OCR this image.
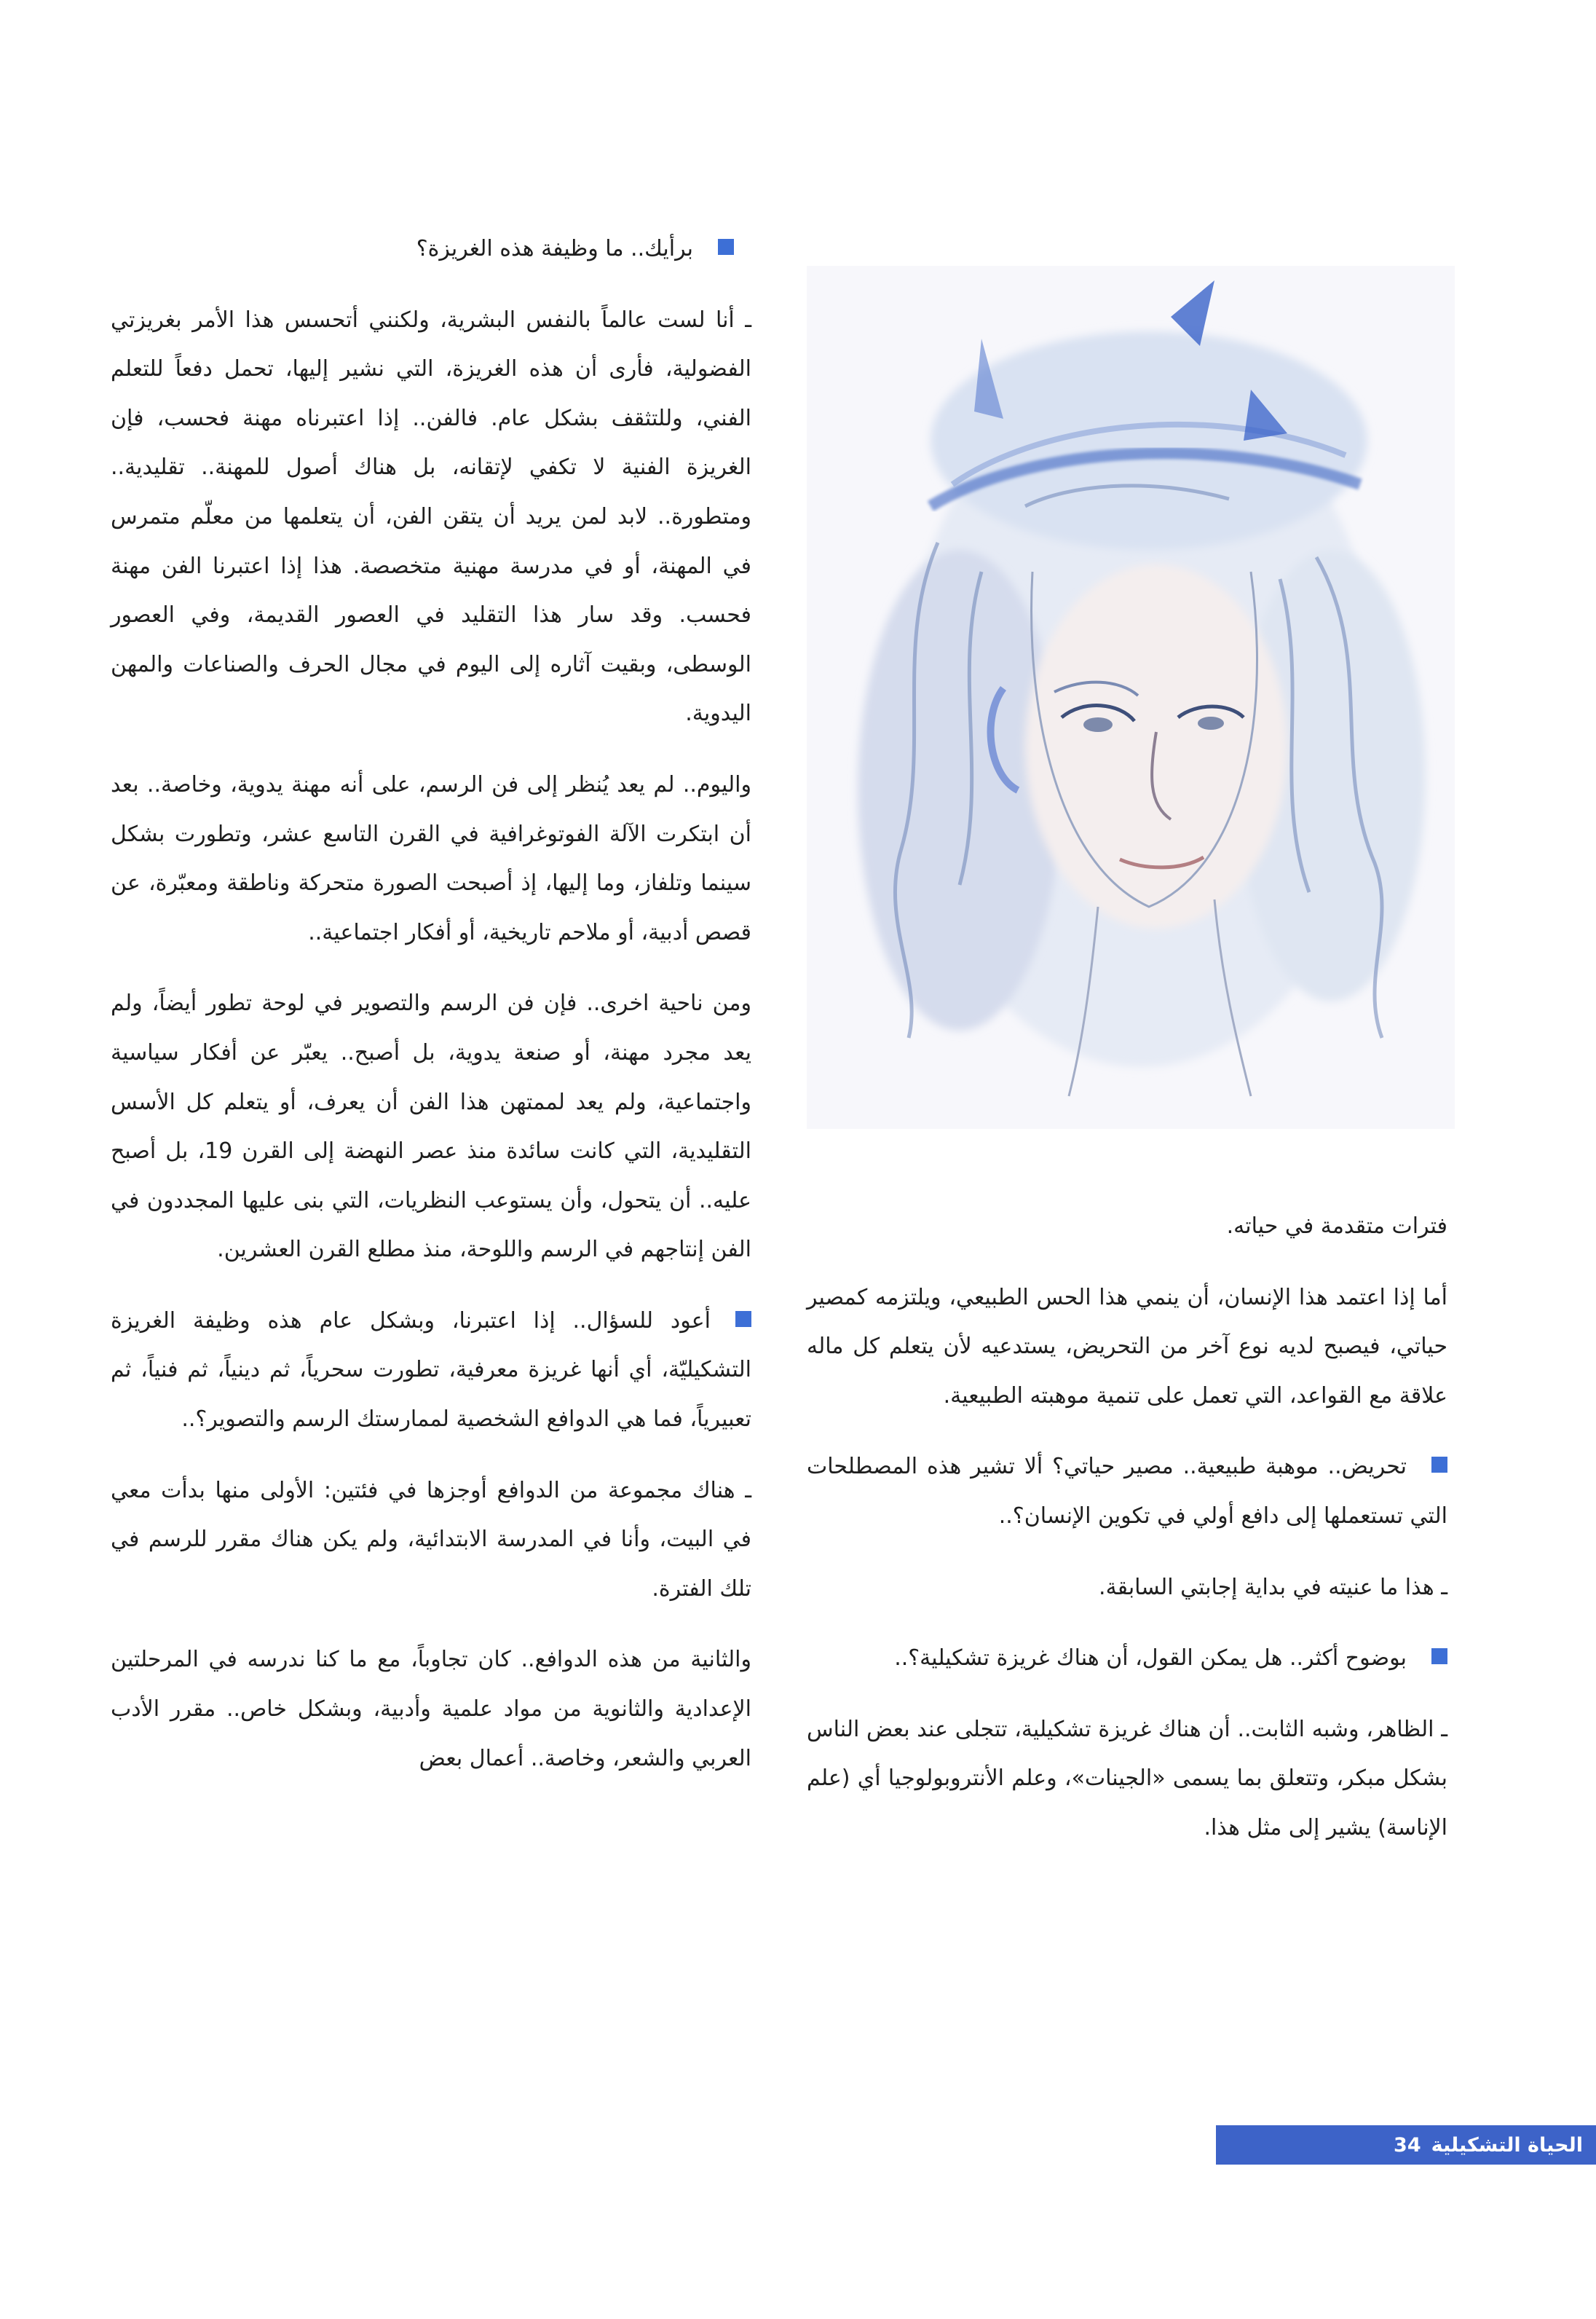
برأيك.. ما وظيفة هذه الغريزة؟

ـ أنا لست عالماً بالنفس البشرية، ولكنني أتحسس هذا الأمر بغريزتي الفضولية، فأرى أن هذه الغريزة، التي نشير إليها، تحمل دفعاً للتعلم الفني، وللتثقف بشكل عام. فالفن.. إذا اعتبرناه مهنة فحسب، فإن الغريزة الفنية لا تكفي لإتقانه، بل هناك أصول للمهنة.. تقليدية.. ومتطورة.. لابد لمن يريد أن يتقن الفن، أن يتعلمها من معلّم متمرس في المهنة، أو في مدرسة مهنية متخصصة. هذا إذا اعتبرنا الفن مهنة فحسب. وقد سار هذا التقليد في العصور القديمة، وفي العصور الوسطى، وبقيت آثاره إلى اليوم في مجال الحرف والصناعات والمهن اليدوية.

واليوم.. لم يعد يُنظر إلى فن الرسم، على أنه مهنة يدوية، وخاصة.. بعد أن ابتكرت الآلة الفوتوغرافية في القرن التاسع عشر، وتطورت بشكل سينما وتلفاز، وما إليها، إذ أصبحت الصورة متحركة وناطقة ومعبّرة، عن قصص أدبية، أو ملاحم تاريخية، أو أفكار اجتماعية..

ومن ناحية اخرى.. فإن فن الرسم والتصوير في لوحة تطور أيضاً، ولم يعد مجرد مهنة، أو صنعة يدوية، بل أصبح.. يعبّر عن أفكار سياسية واجتماعية، ولم يعد لممتهن هذا الفن أن يعرف، أو يتعلم كل الأسس التقليدية، التي كانت سائدة منذ عصر النهضة إلى القرن 19، بل أصبح عليه.. أن يتحول، وأن يستوعب النظريات، التي بنى عليها المجددون في الفن إنتاجهم في الرسم واللوحة، منذ مطلع القرن العشرين.

أعود للسؤال.. إذا اعتبرنا، وبشكل عام هذه وظيفة الغريزة التشكيليّة، أي أنها غريزة معرفية، تطورت سحرياً، ثم دينياً، ثم فنياً، ثم تعبيرياً، فما هي الدوافع الشخصية لممارستك الرسم والتصوير؟..

ـ هناك مجموعة من الدوافع أوجزها في فئتين: الأولى منها بدأت معي في البيت، وأنا في المدرسة الابتدائية، ولم يكن هناك مقرر للرسم في تلك الفترة.

والثانية من هذه الدوافع.. كان تجاوباً، مع ما كنا ندرسه في المرحلتين الإعدادية والثانوية من مواد علمية وأدبية، وبشكل خاص.. مقرر الأدب العربي والشعر، وخاصة.. أعمال بعض

فترات متقدمة في حياته.

أما إذا اعتمد هذا الإنسان، أن ينمي هذا الحس الطبيعي، ويلتزمه كمصير حياتي، فيصبح لديه نوع آخر من التحريض، يستدعيه لأن يتعلم كل ماله علاقة مع القواعد، التي تعمل على تنمية موهبته الطبيعية.

تحريض.. موهبة طبيعية.. مصير حياتي؟ ألا تشير هذه المصطلحات التي تستعملها إلى دافع أولي في تكوين الإنسان؟..

ـ هذا ما عنيته في بداية إجابتي السابقة.

بوضوح أكثر.. هل يمكن القول، أن هناك غريزة تشكيلية؟..

ـ الظاهر، وشبه الثابت.. أن هناك غريزة تشكيلية، تتجلى عند بعض الناس بشكل مبكر، وتتعلق بما يسمى «الجينات»، وعلم الأنتروبولوجيا أي (علم الإناسة) يشير إلى مثل هذا.

الحياة التشكيلية
34
